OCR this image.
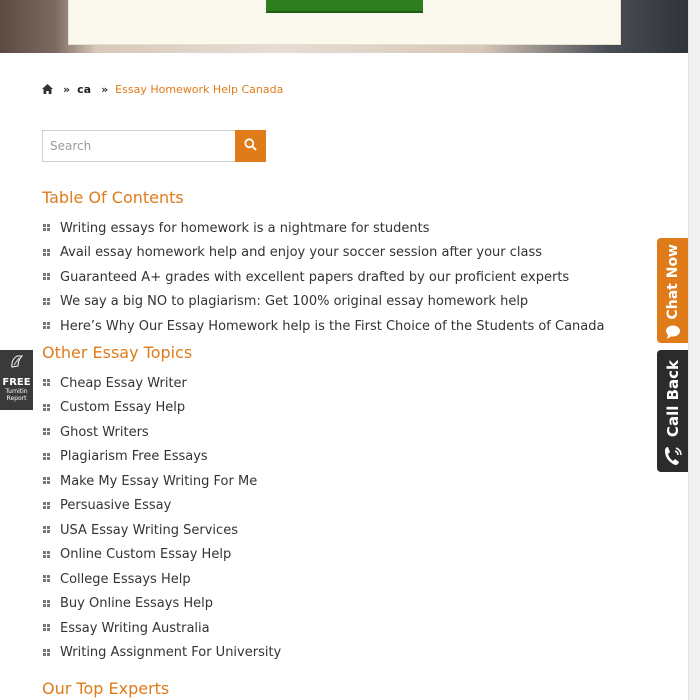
» ca » Essay Homework Help Canada
Search
Table Of Contents
Writing essays for homework is a nightmare for students
Avail essay homework help and enjoy your soccer session after your class
Guaranteed A+ grades with excellent papers drafted by our proficient experts
We say a big NO to plagiarism: Get 100% original essay homework help
Here’s Why Our Essay Homework help is the First Choice of the Students of Canada
Other Essay Topics
Cheap Essay Writer
Custom Essay Help
Ghost Writers
Plagiarism Free Essays
Make My Essay Writing For Me
Persuasive Essay
USA Essay Writing Services
Online Custom Essay Help
College Essays Help
Buy Online Essays Help
Essay Writing Australia
Writing Assignment For University
Our Top Experts
Chat Now
Call Back
FREE
Turnitin
Report
